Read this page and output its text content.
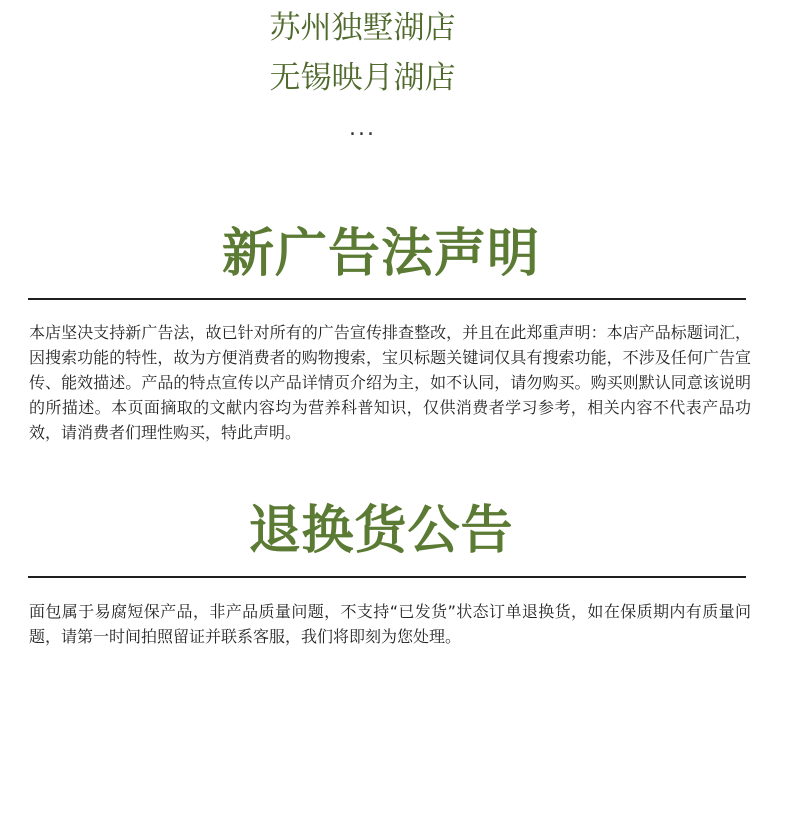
苏州独墅湖店
无锡映月湖店
...
新广告法声明

本店坚决支持新广告法，故已针对所有的广告宣传排查整改，并且在此郑重声明：本店产品标题词汇，因搜索功能的特性，故为方便消费者的购物搜索，宝贝标题关键词仅具有搜索功能，不涉及任何广告宣传、能效描述。产品的特点宣传以产品详情页介绍为主，如不认同，请勿购买。购买则默认同意该说明的所描述。本页面摘取的文献内容均为营养科普知识，仅供消费者学习参考，相关内容不代表产品功效，请消费者们理性购买，特此声明。

退换货公告

面包属于易腐短保产品，非产品质量问题，不支持“已发货”状态订单退换货，如在保质期内有质量问题，请第一时间拍照留证并联系客服，我们将即刻为您处理。
